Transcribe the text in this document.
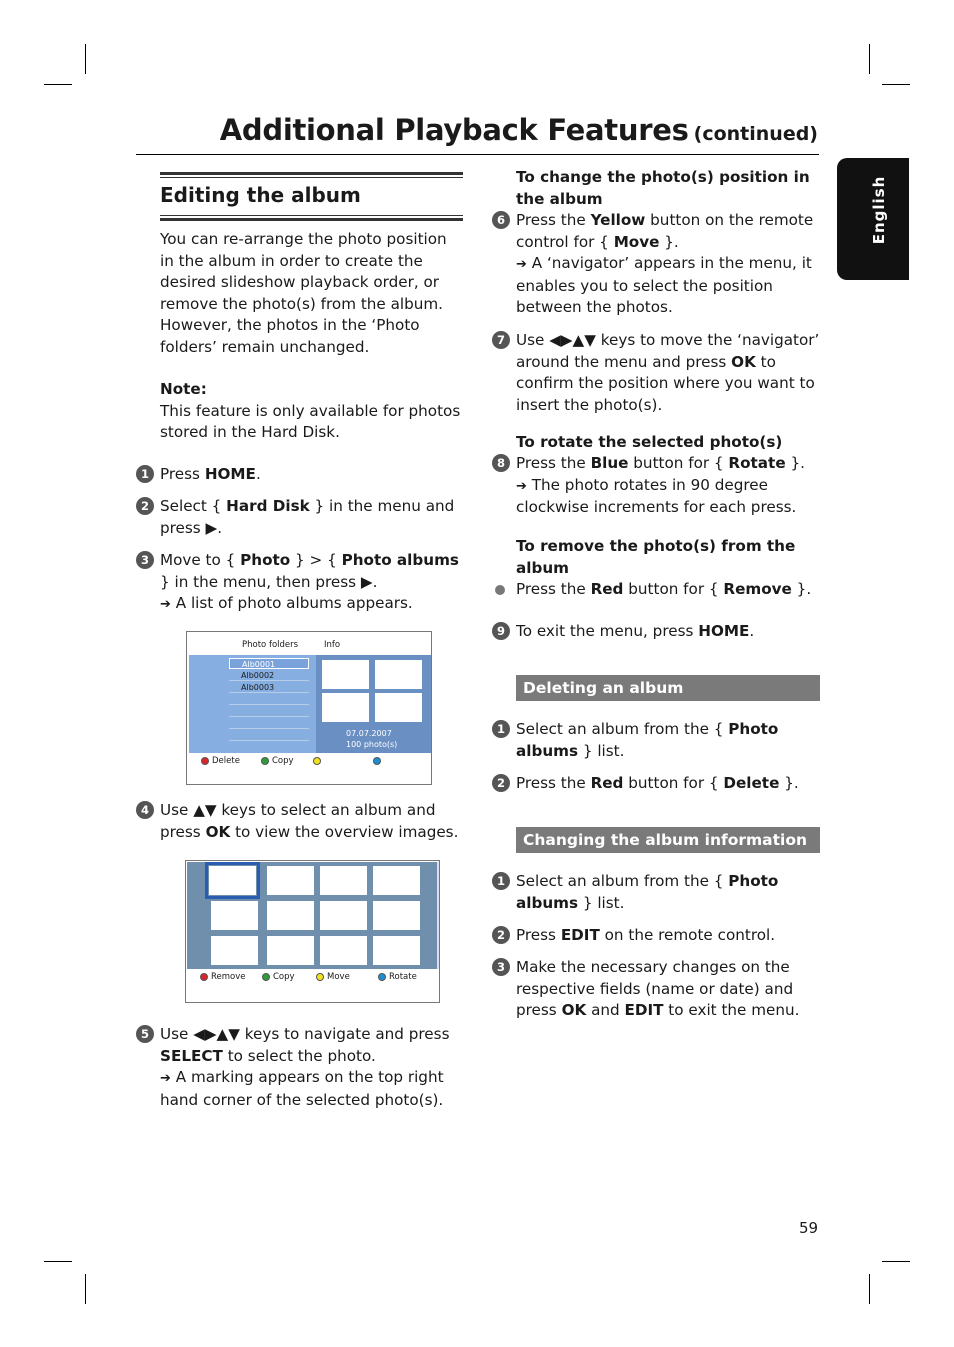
Additional Playback Features (continued)
English
Editing the album

You can re-arrange the photo position in the album in order to create the desired slideshow playback order, or remove the photo(s) from the album. However, the photos in the ‘Photo folders’ remain unchanged.

Note:

This feature is only available for photos stored in the Hard Disk.

1 Press HOME.
2 Select { Hard Disk } in the menu and press ▶.
3 Move to { Photo } > { Photo albums } in the menu, then press ▶.

➔ A list of photo albums appears.

Photo folders	Info
Alb0001
Alb0002
Alb0003
07.07.2007
100 photo(s)
Delete	Copy
4 Use ▲▼ keys to select an album and press OK to view the overview images.
Remove	Copy	Move	Rotate
5 Use ◀▶▲▼ keys to navigate and press SELECT to select the photo.

➔ A marking appears on the top right hand corner of the selected photo(s).

To change the photo(s) position in the album

6 Press the Yellow button on the remote control for { Move }.

➔ A ‘navigator’ appears in the menu, it enables you to select the position between the photos.

7 Use ◀▶▲▼ keys to move the ‘navigator’ around the menu and press OK to confirm the position where you want to insert the photo(s).

To rotate the selected photo(s)

8 Press the Blue button for { Rotate }.

➔ The photo rotates in 90 degree clockwise increments for each press.

To remove the photo(s) from the album

Press the Red button for { Remove }.
9 To exit the menu, press HOME.
Deleting an album
1 Select an album from the { Photo albums } list.
2 Press the Red button for { Delete }.
Changing the album information
1 Select an album from the { Photo albums } list.
2 Press EDIT on the remote control.
3 Make the necessary changes on the respective fields (name or date) and press OK and EDIT to exit the menu.
59
